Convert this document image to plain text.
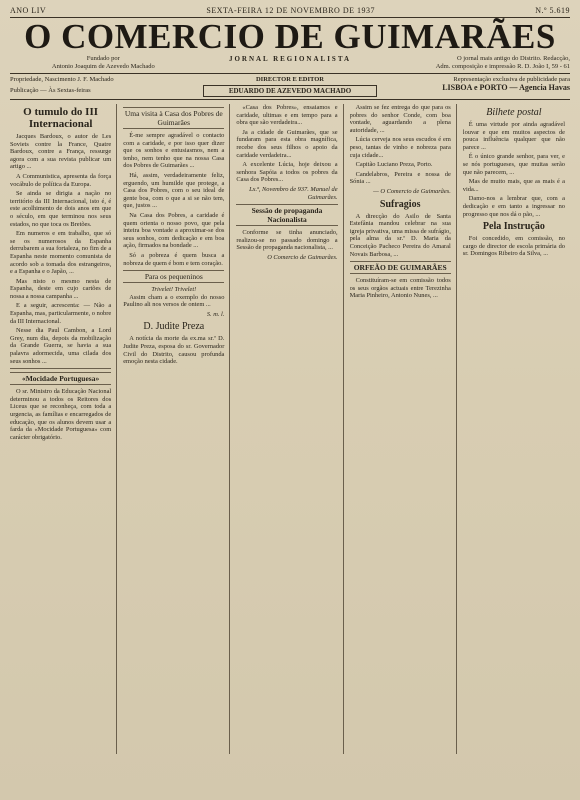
ANO LIV	SEXTA-FEIRA 12 DE NOVEMBRO DE 1937	N.º 5.619
O COMERCIO DE GUIMARÃES
Fundado por
Antonio Joaquim de Azevedo Machado
JORNAL REGIONALISTA	O jornal mais antigo do Distrito. Redacção,
Adm. composição e impressão R. D. João I, 59 - 61
Propriedade, Nascimento J. F. Machado
Publicação — Às Sextas-feiras
DIRECTOR E EDITOR
EDUARDO DE AZEVEDO MACHADO
Representação exclusiva de publicidade para
LISBOA e PORTO — Agencia Havas
O tumulo do III Internacional
Jacques Bardoux, o autor de Les Soviets contre la France, Quatre Bardoux, contre a França, ressurge agora com a sua revista publicar um artigo ...
A Communistica, apresenta da força vocábulo de política da Europa.
Se ainda se dirigia a nação no território da III Internacional, isto é, é este acolhimento de dois anos em que o século, em que terminou nos seus estados, no que toca os Bretões.
Em numeros e em trabalho, que só se os numerosos da Espanha derrubarem a sua fortaleza, no fim de a Espanha neste momento comunista de acordo sob a tomada dos estrangeiros, e a Espanha e o Japão, ...
Mas nisto o mesmo nesta de Espanha, deste em cujo cartões de nossa a nossa campanha ...
E a seguir, acrescenta: — Não a Espanha, mas, particularmente, o nobre da III Internacional.
Nesse dia Paul Cambon, a Lord Grey, num dia, depois da mobilização da Grande Guerra, se havia a sua palavra adormecida, uma cilada dos seus sonhos ...
«Mocidade Portuguesa»
O sr. Ministro da Educação Nacional determinou a todos os Reitores dos Liceus que se reconheça, com toda a urgencia, as famílias e encarregados de educação, que os alunos devem usar a farda da «Mocidade Portuguesa» com carácter obrigatório.
Uma visita à Casa dos Pobres de Guimarães
É-me sempre agradável o contacto com a caridade, e por isso quer dizer que os sonhos e entusiasmos, nem a tenho, nem tenho que na nossa Casa dos Pobres de Guimarães ...
Há, assim, verdadeiramente feliz, erguendo, um humilde que protege, a Casa dos Pobres, com o seu ideal de gente boa, com o que a si se não tem, que, justos ...
Na Casa dos Pobres, a caridade é quem orienta o nosso povo, que pela inteira boa vontade a aproximar-se dos seus sonhos, com dedicação e em boa ação, firmados na bondade ...
Só a pobreza é quem busca a nobreza de quem é bom e tem coração.
Para os pequeninos
Trivelet! Trivelet!
Assim cham a o exemplo do nosso Paulino ali nos versos de ontem ...
S. m. l.
D. Judite Preza
A notícia da morte da ex.ma sr.ª D. Judite Preza, esposa do sr. Governador Civil do Distrito, causou profunda emoção nesta cidade.
«Casa dos Pobres», ensaiamos e caridade, ultimas e em tempo para a obra que são verdadeira...
Ja a cidade de Guimarães, que se fundaram para esta obra magnífica, recebe dos seus filhos o apoio da caridade verdadeira...
A excelente Lúcia, hoje deixou a senhora Sapóia a todos os pobres da Casa dos Pobres...
Lx.ª, Novembro de 937. Manuel de Guimarães.
Sessão de propaganda Nacionalista
Conforme se tinha anunciado, realizou-se no passado domingo a Sessão de propaganda nacionalista, ...
O Comercio de Guimarães.
Assim se fez entrega do que para os pobres do senhor Conde, com boa vontade, aguardando a plena autoridade, ...
Lúcia cerveja nos seus escudos é em peso, tantas de vinho e nobreza para cuja cidade...
Capitão Luciano Preza, Porto.
Candelabros, Pereira e nossa de Sónia ...
— O Comercio de Guimarães.
Sufragios
A direcção do Asilo de Santa Estefânia mandou celebrar na sua igreja privativa, uma missa de sufrágio, pela alma da sr.ª D. Maria da Conceição Pacheco Pereira do Amaral Novais Barbosa, ...
ORFEÃO DE GUIMARÃES
Constituíram-se em comissão todos os seus orgãos actuais entre Terezinha Maria Pinheiro, Antonio Nunes, ...
Bilhete postal
É uma virtude por ainda agradável louvar e que em muitos aspectos de pouca influência qualquer que não parece ...
É o único grande senhor, para ver, e se nós portugueses, que muitas serão que não parecem, ...
Mas de muito mais, que as mais é a vida...
Damo-nos a lembrar que, com a dedicação e em tanto a ingressar no progresso que nos dá o pão, ...
Pela Instrução
Foi concedido, em comissão, no cargo de director de escola primária do sr. Domingos Ribeiro da Silva, ...
